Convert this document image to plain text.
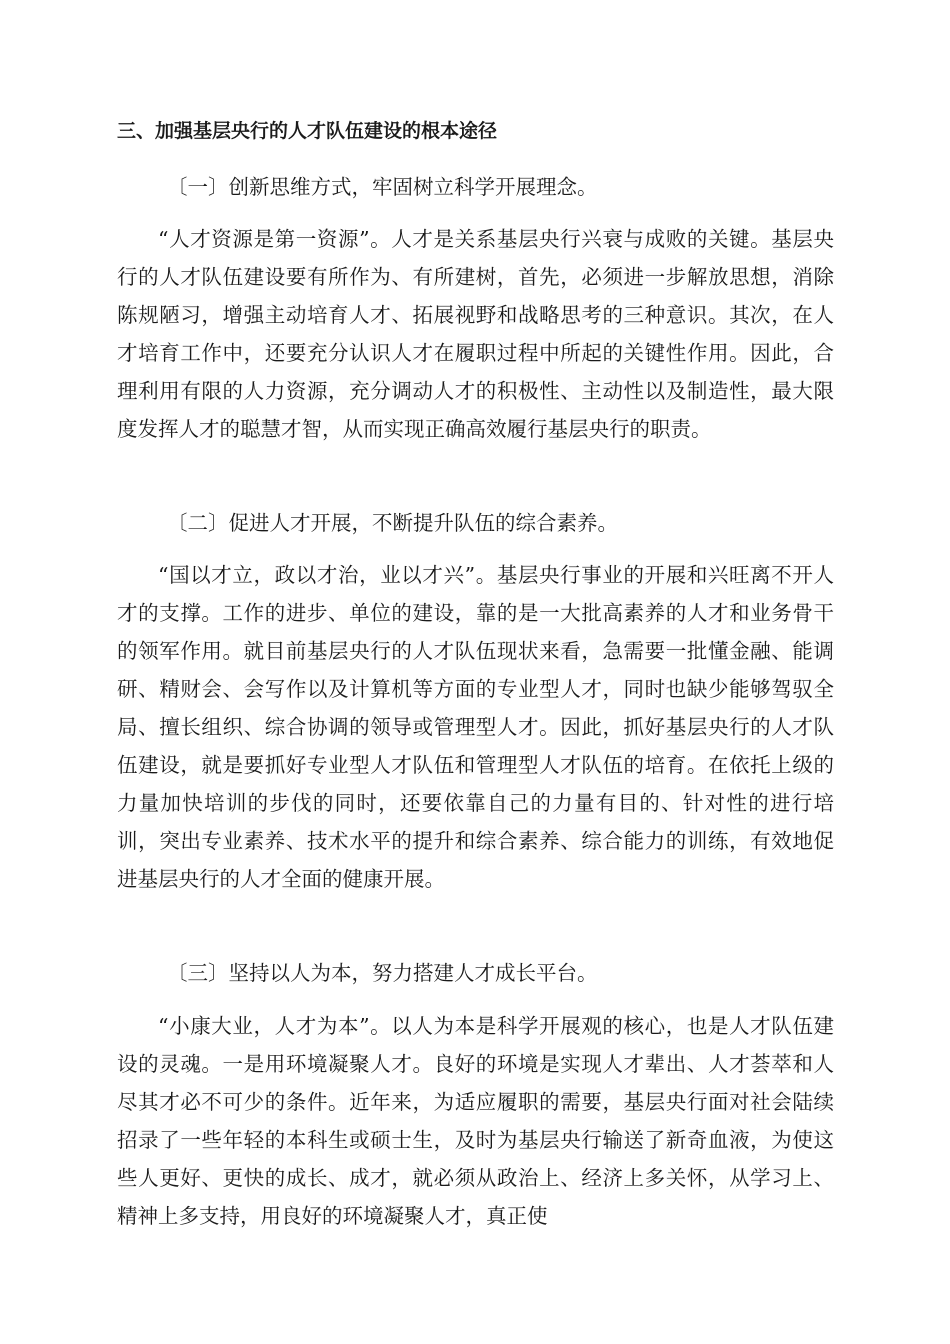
三、加强基层央行的人才队伍建设的根本途径

〔一〕创新思维方式，牢固树立科学开展理念。

“人才资源是第一资源”。人才是关系基层央行兴衰与成败的关键。基层央行的人才队伍建设要有所作为、有所建树，首先，必须进一步解放思想，消除陈规陋习，增强主动培育人才、拓展视野和战略思考的三种意识。其次，在人才培育工作中，还要充分认识人才在履职过程中所起的关键性作用。因此，合理利用有限的人力资源，充分调动人才的积极性、主动性以及制造性，最大限度发挥人才的聪慧才智，从而实现正确高效履行基层央行的职责。

〔二〕促进人才开展，不断提升队伍的综合素养。

“国以才立，政以才治，业以才兴”。基层央行事业的开展和兴旺离不开人才的支撑。工作的进步、单位的建设，靠的是一大批高素养的人才和业务骨干的领军作用。就目前基层央行的人才队伍现状来看，急需要一批懂金融、能调研、精财会、会写作以及计算机等方面的专业型人才，同时也缺少能够驾驭全局、擅长组织、综合协调的领导或管理型人才。因此，抓好基层央行的人才队伍建设，就是要抓好专业型人才队伍和管理型人才队伍的培育。在依托上级的力量加快培训的步伐的同时，还要依靠自己的力量有目的、针对性的进行培训，突出专业素养、技术水平的提升和综合素养、综合能力的训练，有效地促进基层央行的人才全面的健康开展。

〔三〕坚持以人为本，努力搭建人才成长平台。

“小康大业，人才为本”。以人为本是科学开展观的核心，也是人才队伍建设的灵魂。一是用环境凝聚人才。良好的环境是实现人才辈出、人才荟萃和人尽其才必不可少的条件。近年来，为适应履职的需要，基层央行面对社会陆续招录了一些年轻的本科生或硕士生，及时为基层央行输送了新奇血液，为使这些人更好、更快的成长、成才，就必须从政治上、经济上多关怀，从学习上、精神上多支持，用良好的环境凝聚人才，真正使
